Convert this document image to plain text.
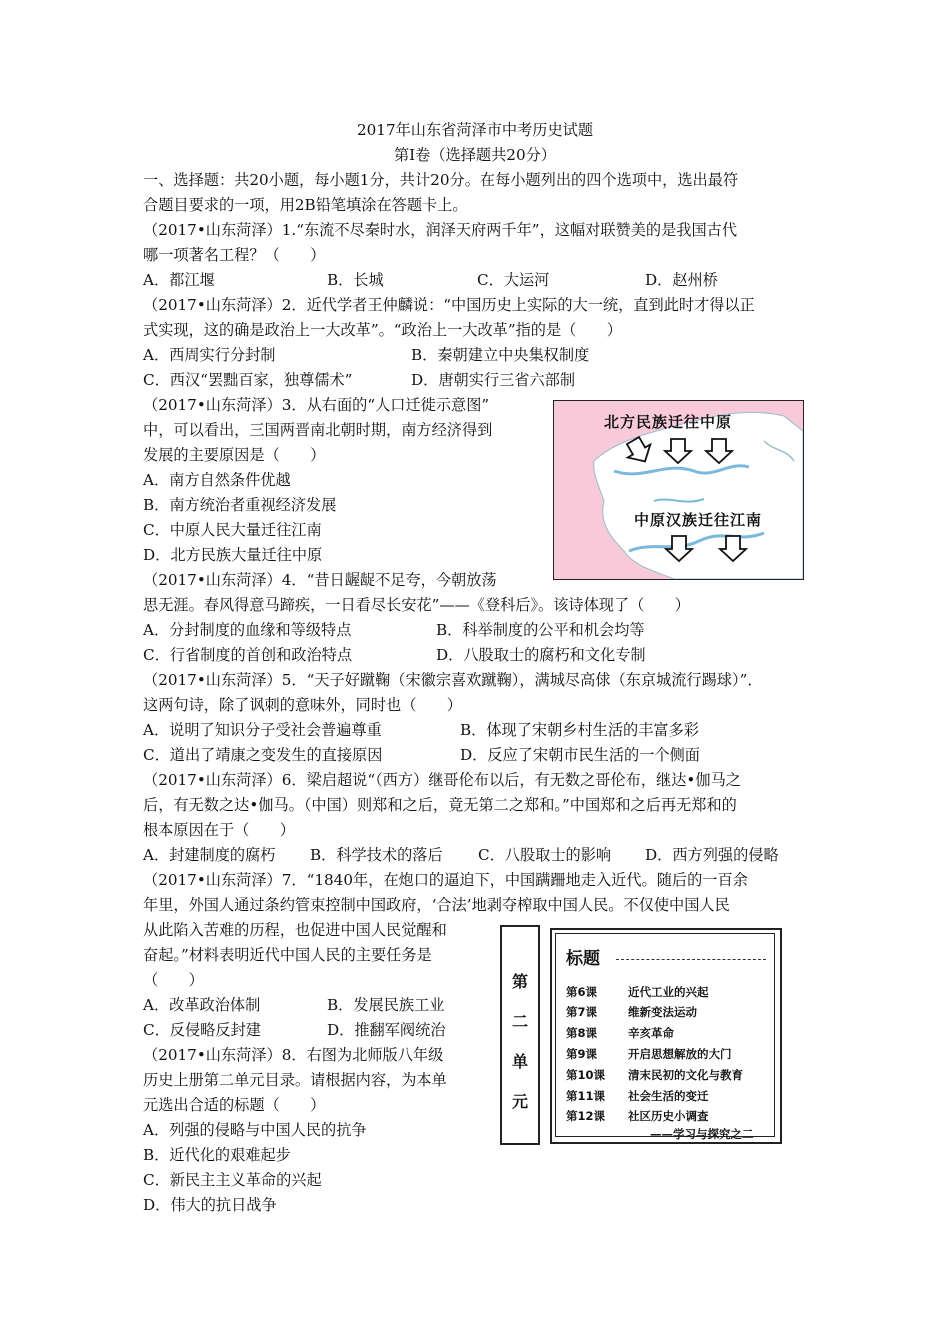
2017年山东省菏泽市中考历史试题
第Ⅰ卷（选择题共20分）
一、选择题：共20小题，每小题1分，共计20分。在每小题列出的四个选项中，选出最符
合题目要求的一项，用2B铅笔填涂在答题卡上。
（2017•山东菏泽）1.“东流不尽秦时水，润泽天府两千年”，这幅对联赞美的是我国古代
哪一项著名工程？（　　）
A．都江堰	B．长城	C．大运河	D．赵州桥
（2017•山东菏泽）2．近代学者王仲麟说：“中国历史上实际的大一统，直到此时才得以正
式实现，这的确是政治上一大改革”。“政治上一大改革”指的是（　　）
A．西周实行分封制	B．秦朝建立中央集权制度
C．西汉“罢黜百家，独尊儒术”	D．唐朝实行三省六部制
（2017•山东菏泽）3．从右面的“人口迁徙示意图”
中，可以看出，三国两晋南北朝时期，南方经济得到
发展的主要原因是（　　）
A．南方自然条件优越
B．南方统治者重视经济发展
C．中原人民大量迁往江南
D．北方民族大量迁往中原
北方民族迁往中原
中原汉族迁往江南
（2017•山东菏泽）4．“昔日龌龊不足夸，今朝放荡
思无涯。春风得意马蹄疾，一日看尽长安花”——《登科后》。该诗体现了（　　）
A．分封制度的血缘和等级特点	B．科举制度的公平和机会均等
C．行省制度的首创和政治特点	D．八股取士的腐朽和文化专制
（2017•山东菏泽）5．“天子好蹴鞠（宋徽宗喜欢蹴鞠），满城尽高俅（东京城流行踢球）”．
这两句诗，除了讽刺的意味外，同时也（　　）
A．说明了知识分子受社会普遍尊重	B．体现了宋朝乡村生活的丰富多彩
C．道出了靖康之变发生的直接原因	D．反应了宋朝市民生活的一个侧面
（2017•山东菏泽）6．梁启超说“（西方）继哥伦布以后，有无数之哥伦布，继达•伽马之
后，有无数之达•伽马。（中国）则郑和之后，竟无第二之郑和。”中国郑和之后再无郑和的
根本原因在于（　　）
A．封建制度的腐朽 B．科学技术的落后 C．八股取士的影响 D．西方列强的侵略
（2017•山东菏泽）7．“1840年，在炮口的逼迫下，中国蹒跚地走入近代。随后的一百余
年里，外国人通过条约管束控制中国政府，‘合法’地剥夺榨取中国人民。不仅使中国人民
从此陷入苦难的历程，也促进中国人民觉醒和
奋起。”材料表明近代中国人民的主要任务是
（　　）
A．改革政治体制	B．发展民族工业
C．反侵略反封建	D．推翻军阀统治
（2017•山东菏泽）8．右图为北师版八年级
历史上册第二单元目录。请根据内容，为本单
元选出合适的标题（　　）
A．列强的侵略与中国人民的抗争
B．近代化的艰难起步
C．新民主主义革命的兴起
D．伟大的抗日战争
第
二
单
元
标题
第6课	近代工业的兴起
第7课	维新变法运动
第8课	辛亥革命
第9课	开启思想解放的大门
第10课 清末民初的文化与教育
第11课 社会生活的变迁
第12课 社区历史小调查
——学习与探究之二
